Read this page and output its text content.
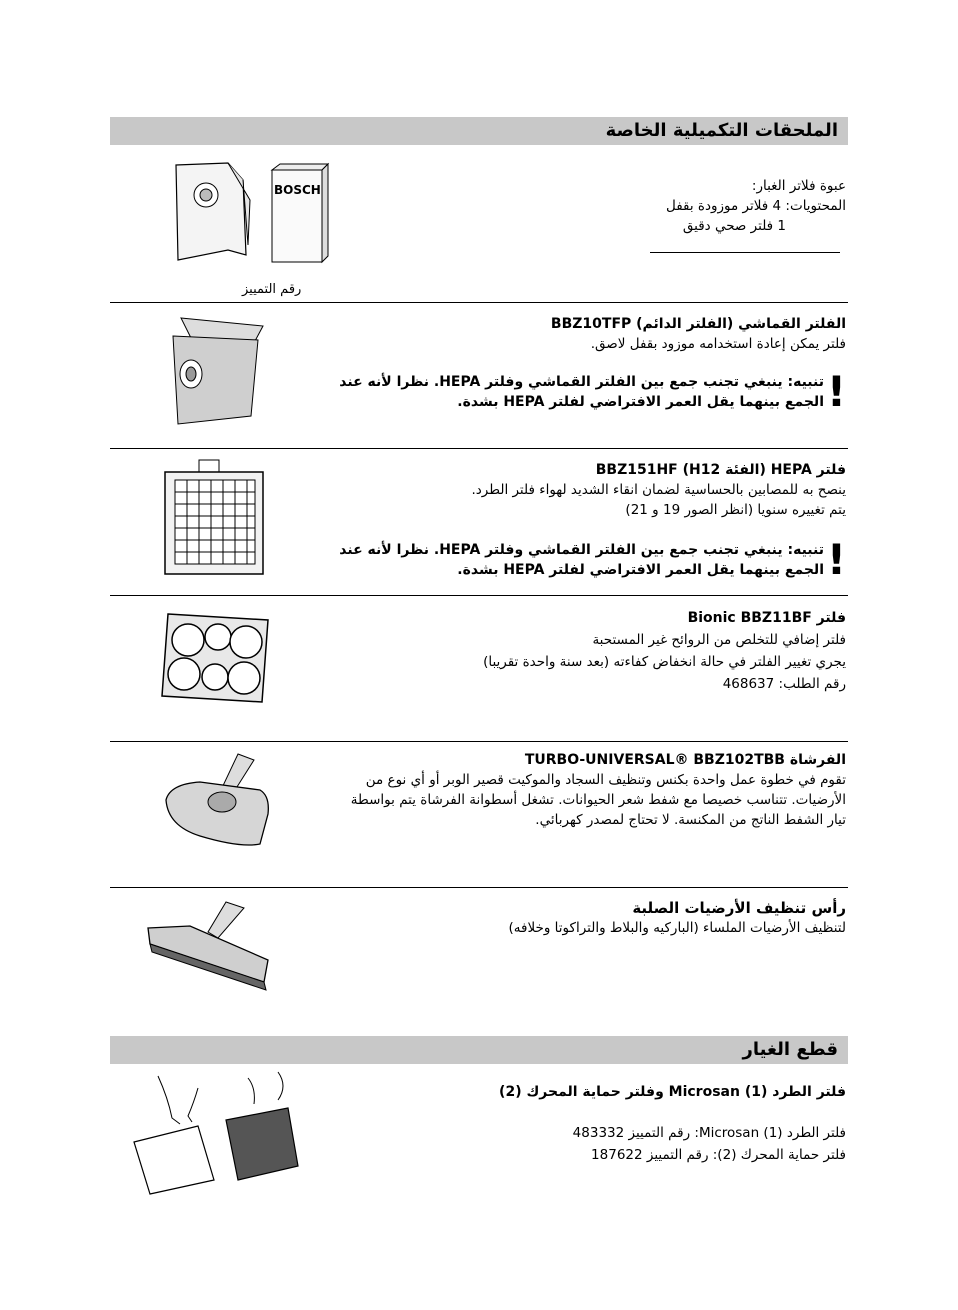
الملحقات التكميلية الخاصة
BOSCH
رقم التمييز
عبوة فلاتر الغبار:
المحتويات: 4 فلاتر موزودة بقفل
1 فلتر صحي دقيق
الفلتر القماشي (الفلتر الدائم) BBZ10TFP
فلتر يمكن إعادة استخدامه موزود بقفل لاصق.
!
تنبيه: ينبغي تجنب جمع بين الفلتر القماشي وفلتر HEPA. نظرا لأنه عند
الجمع بينهما يقل العمر الافتراضي لفلتر HEPA بشدة.
فلتر HEPA (الفئة H12) BBZ151HF
ينصح به للمصابين بالحساسية لضمان انقاء الشديد لهواء فلتر الطرد.
يتم تغييره سنويا (انظر الصور 19 و 21)
!
تنبيه: ينبغي تجنب جمع بين الفلتر القماشي وفلتر HEPA. نظرا لأنه عند
الجمع بينهما يقل العمر الافتراضي لفلتر HEPA بشدة.
فلتر Bionic BBZ11BF
فلتر إضافي للتخلص من الروائح غير المستحبة
يجري تغيير الفلتر في حالة انخفاض كفاءته (بعد سنة واحدة تقريبا)
رقم الطلب: 468637
الفرشاة TURBO-UNIVERSAL® BBZ102TBB
تقوم في خطوة عمل واحدة بكنس وتنظيف السجاد والموكيت قصير الوبر أو أي نوع من
الأرضيات. تتناسب خصيصا مع شفط شعر الحيوانات. تشغل أسطوانة الفرشاة يتم بواسطة
تيار الشفط الناتج من المكنسة. لا تحتاج لمصدر كهربائي.
رأس تنظيف الأرضيات الصلبة
لتنظيف الأرضيات الملساء (الباركيه والبلاط والتراكوتا وخلافه)
قطع الغيار
فلتر الطرد Microsan (1) وفلتر حماية المحرك (2)
فلتر الطرد Microsan (1): رقم التمييز 483332
فلتر حماية المحرك (2): رقم التمييز 187622
